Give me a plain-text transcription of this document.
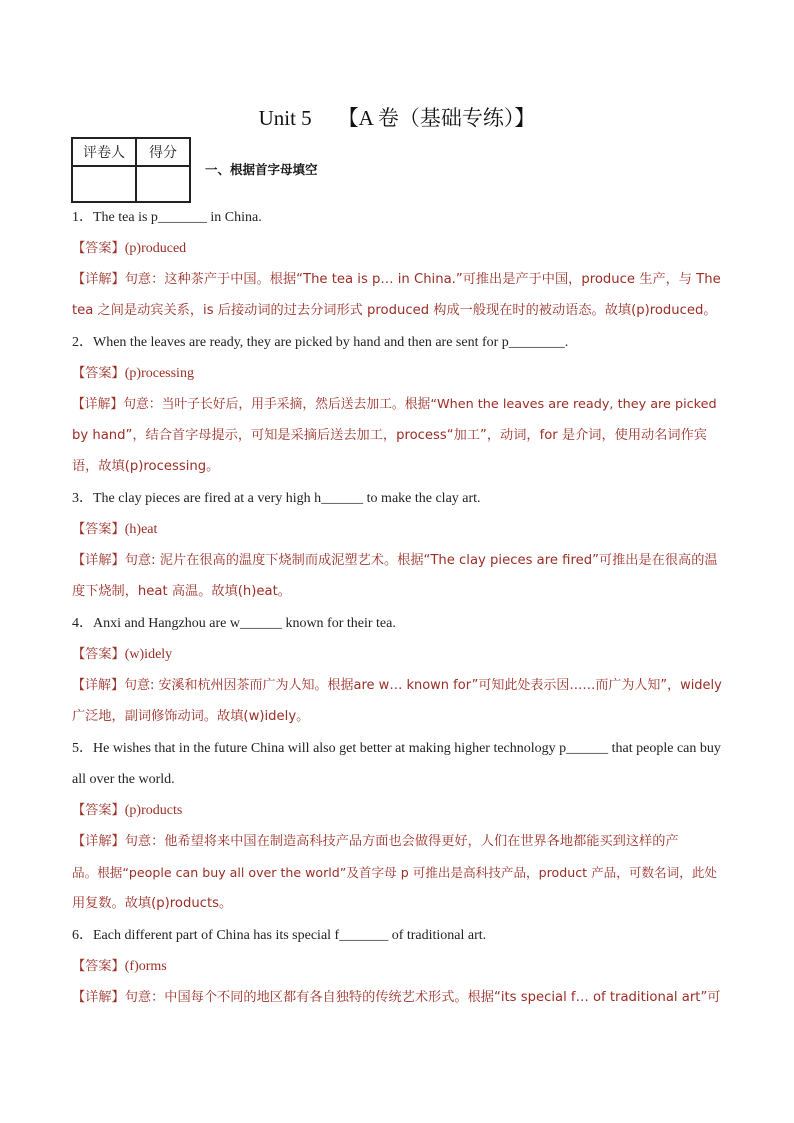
Unit 5 【A 卷（基础专练）】
评卷人	得分

一、根据首字母填空
1．The tea is p_______ in China.
【答案】(p)roduced
【详解】句意：这种茶产于中国。根据“The tea is p… in China.”可推出是产于中国，produce 生产，与 The
tea 之间是动宾关系，is 后接动词的过去分词形式 produced 构成一般现在时的被动语态。故填(p)roduced。
2．When the leaves are ready, they are picked by hand and then are sent for p________.
【答案】(p)rocessing
【详解】句意：当叶子长好后，用手采摘，然后送去加工。根据“When the leaves are ready, they are picked
by hand”，结合首字母提示，可知是采摘后送去加工，process“加工”，动词，for 是介词，使用动名词作宾
语，故填(p)rocessing。
3．The clay pieces are fired at a very high h______ to make the clay art.
【答案】(h)eat
【详解】句意: 泥片在很高的温度下烧制而成泥塑艺术。根据“The clay pieces are fired”可推出是在很高的温
度下烧制，heat 高温。故填(h)eat。
4．Anxi and Hangzhou are w______ known for their tea.
【答案】(w)idely
【详解】句意: 安溪和杭州因茶而广为人知。根据are w… known for”可知此处表示因……而广为人知”，widely
广泛地，副词修饰动词。故填(w)idely。
5．He wishes that in the future China will also get better at making higher technology p______ that people can buy
all over the world.
【答案】(p)roducts
【详解】句意：他希望将来中国在制造高科技产品方面也会做得更好，人们在世界各地都能买到这样的产
品。根据“people can buy all over the world”及首字母 p 可推出是高科技产品，product 产品，可数名词，此处
用复数。故填(p)roducts。
6．Each different part of China has its special f_______ of traditional art.
【答案】(f)orms
【详解】句意：中国每个不同的地区都有各自独特的传统艺术形式。根据“its special f… of traditional art”可
